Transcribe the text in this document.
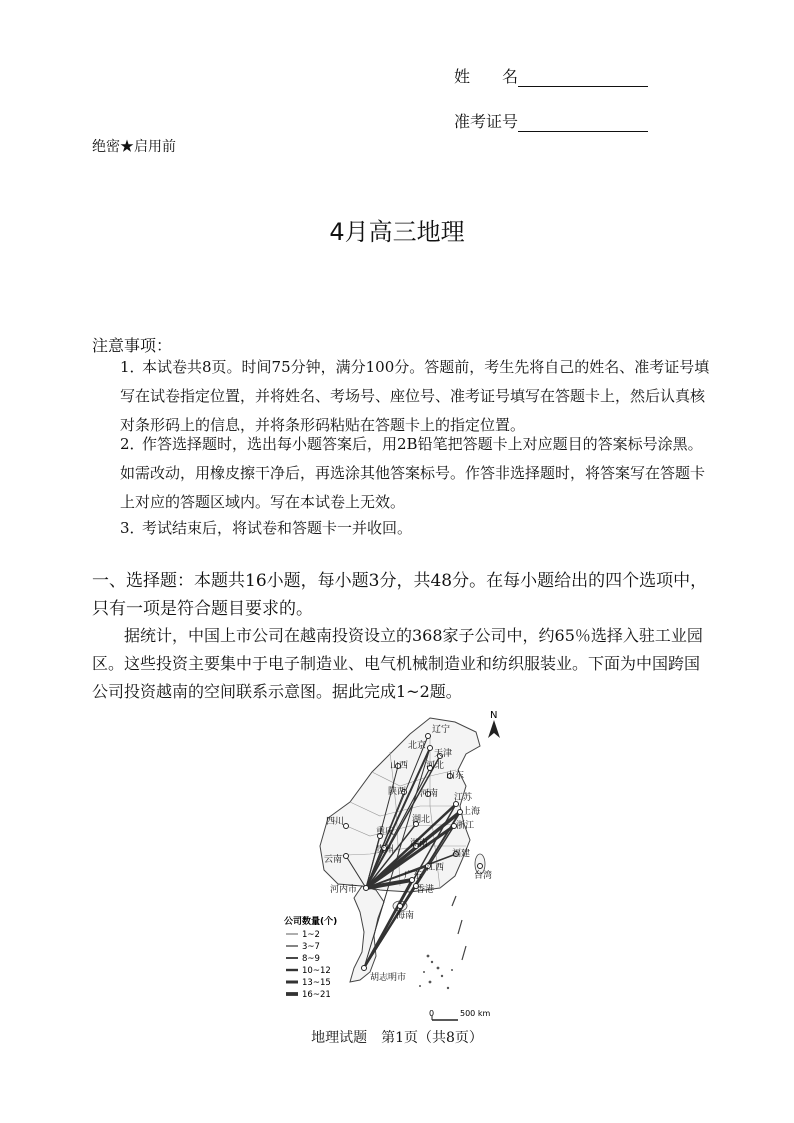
姓　　名
准考证号
绝密★启用前
4月高三地理
注意事项：
1．本试卷共8页。时间75分钟，满分100分。答题前，考生先将自己的姓名、准考证号填写在试卷指定位置，并将姓名、考场号、座位号、准考证号填写在答题卡上，然后认真核对条形码上的信息，并将条形码粘贴在答题卡上的指定位置。
2．作答选择题时，选出每小题答案后，用2B铅笔把答题卡上对应题目的答案标号涂黑。如需改动，用橡皮擦干净后，再选涂其他答案标号。作答非选择题时，将答案写在答题卡上对应的答题区域内。写在本试卷上无效。
3．考试结束后，将试卷和答题卡一并收回。
一、选择题：本题共16小题，每小题3分，共48分。在每小题给出的四个选项中，只有一项是符合题目要求的。
据统计，中国上市公司在越南投资设立的368家子公司中，约65％选择入驻工业园区。这些投资主要集中于电子制造业、电气机械制造业和纺织服装业。下面为中国跨国公司投资越南的空间联系示意图。据此完成1~2题。
辽宁
北京
天津
山西 河北
山东
陕西 河南 江苏
上海
湖北
四川
重庆
浙江
湖南
贵州	福建
云南
江西
广东	台湾
香港
河内市
海南
胡志明市
N
公司数量(个)
1~2
3~7
8~9
10~12
13~15
16~21
0	500 km
地理试题　第1页（共8页）
